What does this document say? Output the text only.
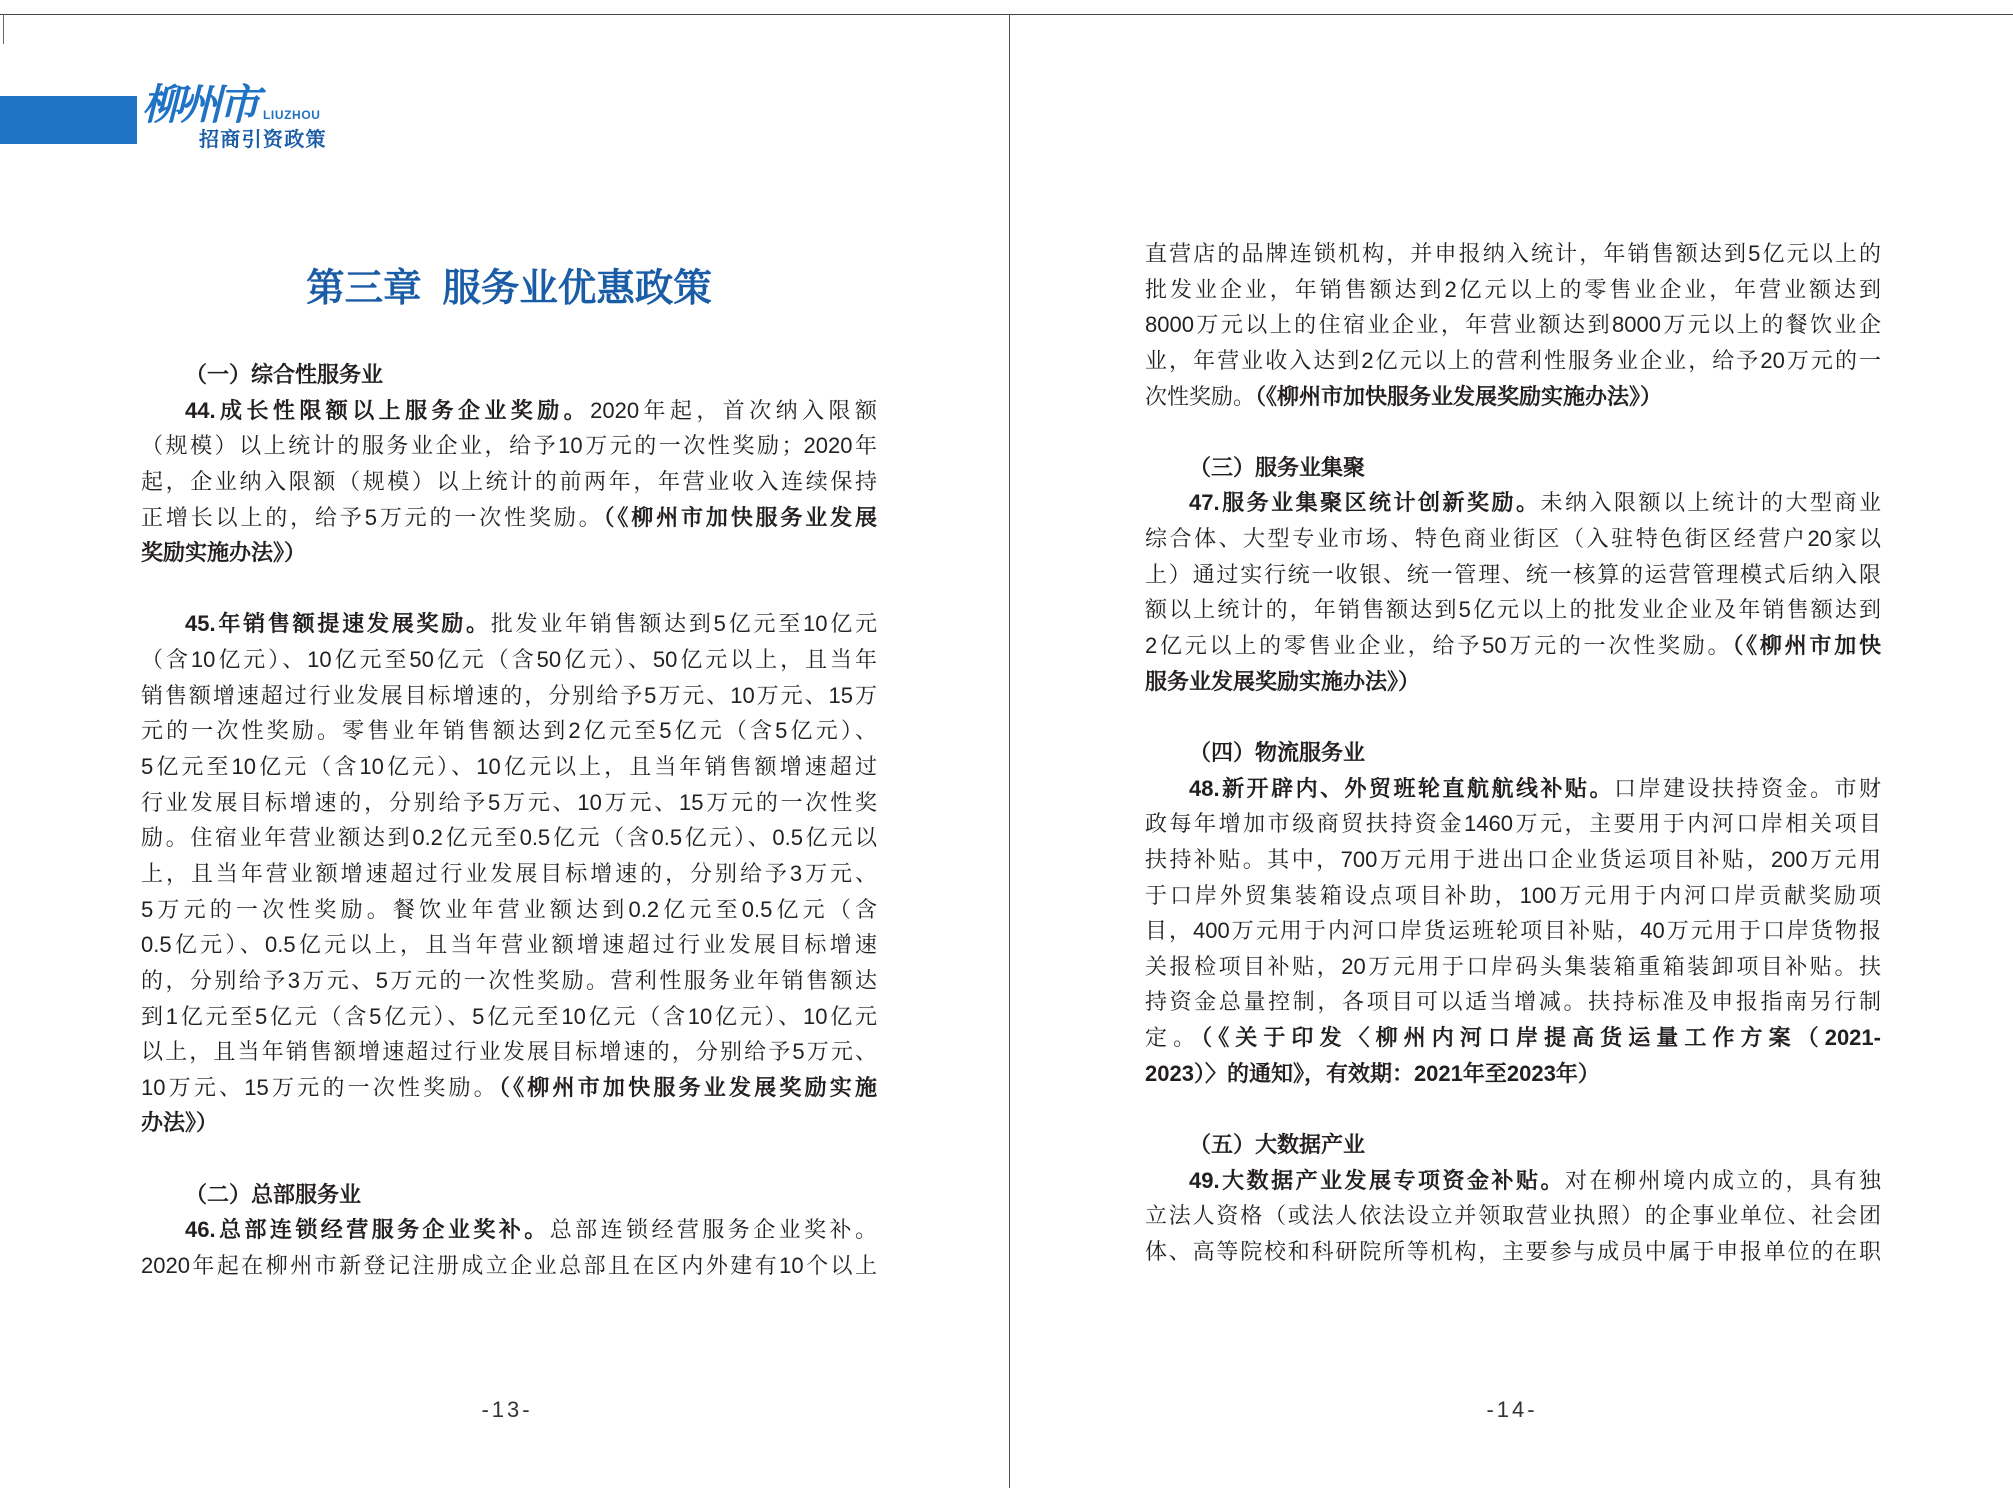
柳州市 LIUZHOU
招商引资政策
第三章 服务业优惠政策
（一）综合性服务业
44.成长性限额以上服务企业奖励。2020年起，首次纳入限额
（规模）以上统计的服务业企业，给予10万元的一次性奖励；2020年
起，企业纳入限额（规模）以上统计的前两年，年营业收入连续保持
正增长以上的，给予5万元的一次性奖励。（《柳州市加快服务业发展
奖励实施办法》）
45.年销售额提速发展奖励。批发业年销售额达到5亿元至10亿元
（含10亿元）、10亿元至50亿元（含50亿元）、50亿元以上，且当年
销售额增速超过行业发展目标增速的，分别给予5万元、10万元、15万
元的一次性奖励。零售业年销售额达到2亿元至5亿元（含5亿元）、
5亿元至10亿元（含10亿元）、10亿元以上，且当年销售额增速超过
行业发展目标增速的，分别给予5万元、10万元、15万元的一次性奖
励。住宿业年营业额达到0.2亿元至0.5亿元（含0.5亿元）、0.5亿元以
上，且当年营业额增速超过行业发展目标增速的，分别给予3万元、
5万元的一次性奖励。餐饮业年营业额达到0.2亿元至0.5亿元（含
0.5亿元）、0.5亿元以上，且当年营业额增速超过行业发展目标增速
的，分别给予3万元、5万元的一次性奖励。营利性服务业年销售额达
到1亿元至5亿元（含5亿元）、5亿元至10亿元（含10亿元）、10亿元
以上，且当年销售额增速超过行业发展目标增速的，分别给予5万元、
10万元、15万元的一次性奖励。（《柳州市加快服务业发展奖励实施
办法》）
（二）总部服务业
46.总部连锁经营服务企业奖补。总部连锁经营服务企业奖补。
2020年起在柳州市新登记注册成立企业总部且在区内外建有10个以上
-13-
直营店的品牌连锁机构，并申报纳入统计，年销售额达到5亿元以上的
批发业企业，年销售额达到2亿元以上的零售业企业，年营业额达到
8000万元以上的住宿业企业，年营业额达到8000万元以上的餐饮业企
业，年营业收入达到2亿元以上的营利性服务业企业，给予20万元的一
次性奖励。（《柳州市加快服务业发展奖励实施办法》）
（三）服务业集聚
47.服务业集聚区统计创新奖励。未纳入限额以上统计的大型商业
综合体、大型专业市场、特色商业街区（入驻特色街区经营户20家以
上）通过实行统一收银、统一管理、统一核算的运营管理模式后纳入限
额以上统计的，年销售额达到5亿元以上的批发业企业及年销售额达到
2亿元以上的零售业企业，给予50万元的一次性奖励。（《柳州市加快
服务业发展奖励实施办法》）
（四）物流服务业
48.新开辟内、外贸班轮直航航线补贴。口岸建设扶持资金。市财
政每年增加市级商贸扶持资金1460万元，主要用于内河口岸相关项目
扶持补贴。其中，700万元用于进出口企业货运项目补贴，200万元用
于口岸外贸集装箱设点项目补助，100万元用于内河口岸贡献奖励项
目，400万元用于内河口岸货运班轮项目补贴，40万元用于口岸货物报
关报检项目补贴，20万元用于口岸码头集装箱重箱装卸项目补贴。扶
持资金总量控制，各项目可以适当增减。扶持标准及申报指南另行制
定。（《关于印发〈柳州内河口岸提高货运量工作方案（2021-
2023）〉的通知》，有效期：2021年至2023年）
（五）大数据产业
49.大数据产业发展专项资金补贴。对在柳州境内成立的，具有独
立法人资格（或法人依法设立并领取营业执照）的企事业单位、社会团
体、高等院校和科研院所等机构，主要参与成员中属于申报单位的在职
-14-
